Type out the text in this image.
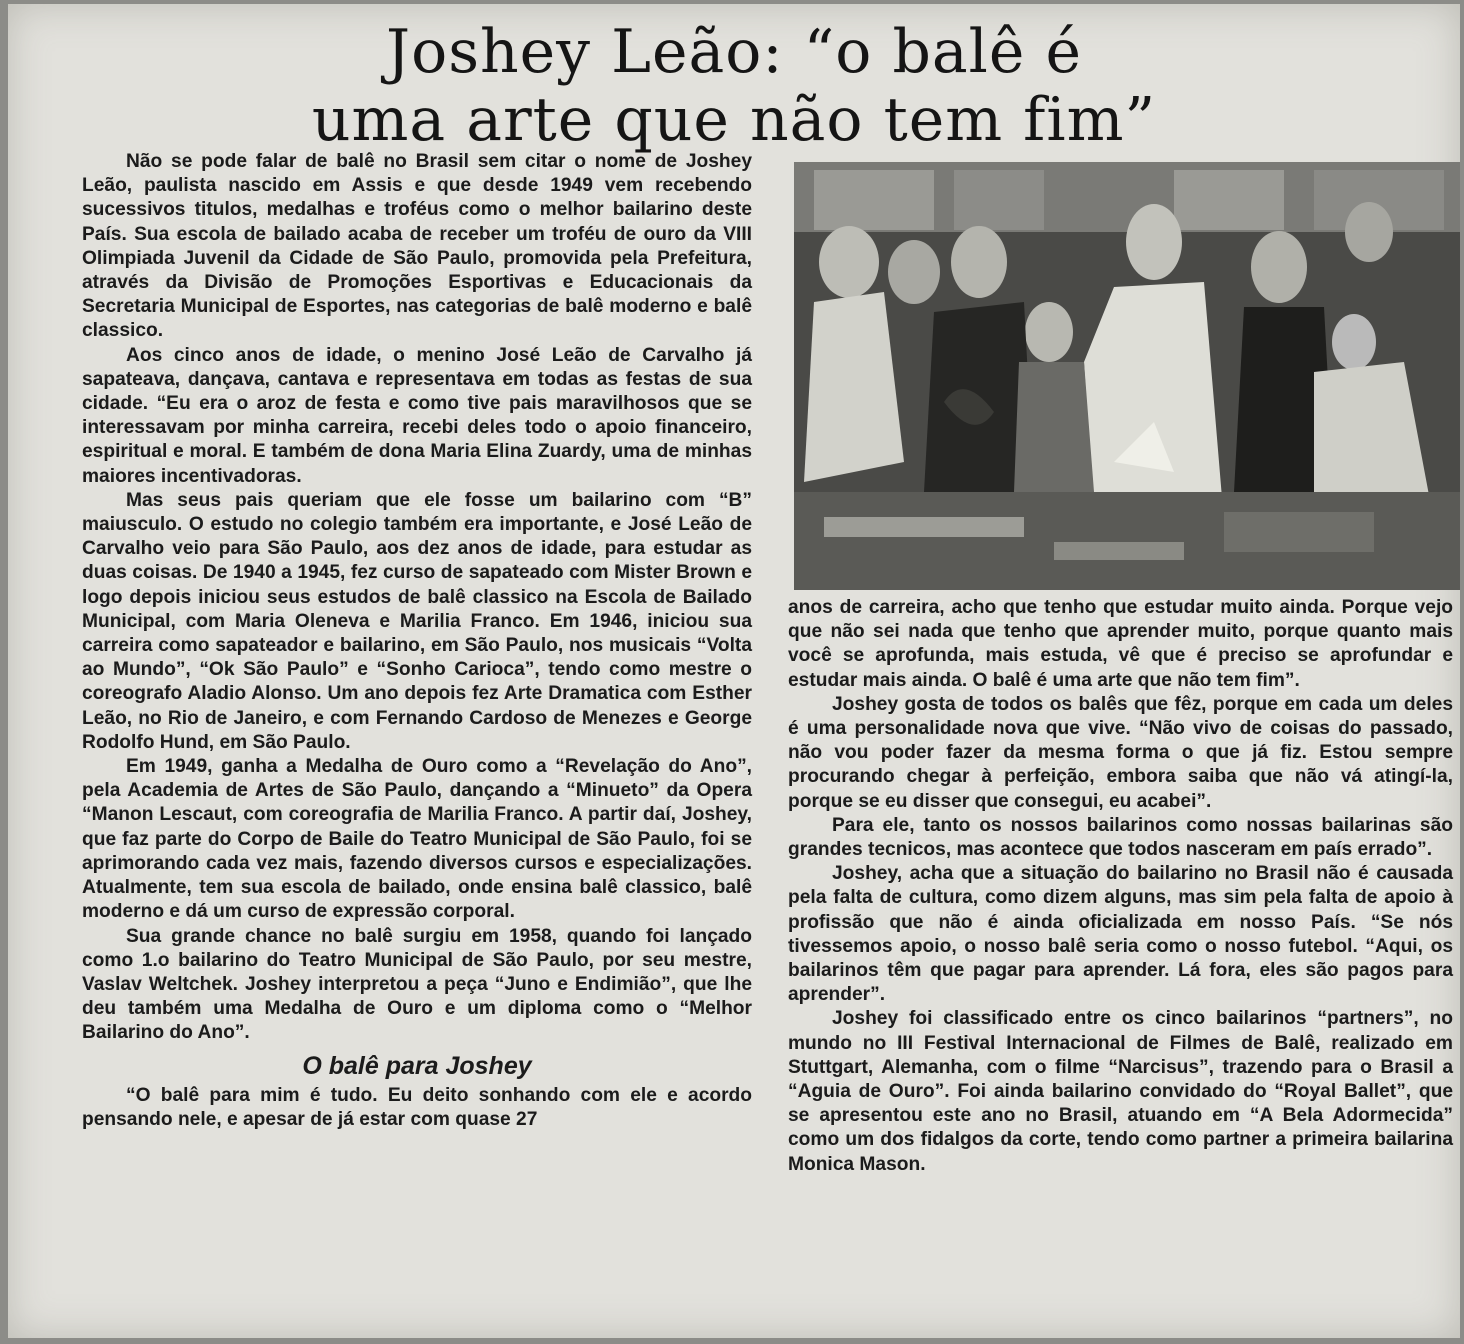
Joshey Leão: “o balê é
uma arte que não tem fim”

Não se pode falar de balê no Brasil sem citar o nome de Joshey Leão, paulista nascido em Assis e que desde 1949 vem recebendo sucessivos titulos, medalhas e troféus como o melhor bailarino deste País. Sua escola de bailado acaba de receber um troféu de ouro da VIII Olimpiada Juvenil da Cidade de São Paulo, promovida pela Prefeitura, através da Divisão de Promoções Esportivas e Educacionais da Secretaria Municipal de Esportes, nas categorias de balê moderno e balê classico.

Aos cinco anos de idade, o menino José Leão de Carvalho já sapateava, dançava, cantava e representava em todas as festas de sua cidade. “Eu era o aroz de festa e como tive pais maravilhosos que se interessavam por minha carreira, recebi deles todo o apoio financeiro, espiritual e moral. E também de dona Maria Elina Zuardy, uma de minhas maiores incentivadoras.

Mas seus pais queriam que ele fosse um bailarino com “B” maiusculo. O estudo no colegio também era importante, e José Leão de Carvalho veio para São Paulo, aos dez anos de idade, para estudar as duas coisas. De 1940 a 1945, fez curso de sapateado com Mister Brown e logo depois iniciou seus estudos de balê classico na Escola de Bailado Municipal, com Maria Oleneva e Marilia Franco. Em 1946, iniciou sua carreira como sapateador e bailarino, em São Paulo, nos musicais “Volta ao Mundo”, “Ok São Paulo” e “Sonho Carioca”, tendo como mestre o coreografo Aladio Alonso. Um ano depois fez Arte Dramatica com Esther Leão, no Rio de Janeiro, e com Fernando Cardoso de Menezes e George Rodolfo Hund, em São Paulo.

Em 1949, ganha a Medalha de Ouro como a “Revelação do Ano”, pela Academia de Artes de São Paulo, dançando a “Minueto” da Opera “Manon Lescaut, com coreografia de Marilia Franco. A partir daí, Joshey, que faz parte do Corpo de Baile do Teatro Municipal de São Paulo, foi se aprimorando cada vez mais, fazendo diversos cursos e especializações. Atualmente, tem sua escola de bailado, onde ensina balê classico, balê moderno e dá um curso de expressão corporal.

Sua grande chance no balê surgiu em 1958, quando foi lançado como 1.o bailarino do Teatro Municipal de São Paulo, por seu mestre, Vaslav Weltchek. Joshey interpretou a peça “Juno e Endimião”, que lhe deu também uma Medalha de Ouro e um diploma como o “Melhor Bailarino do Ano”.

O balê para Joshey

“O balê para mim é tudo. Eu deito sonhando com ele e acordo pensando nele, e apesar de já estar com quase 27

anos de carreira, acho que tenho que estudar muito ainda. Porque vejo que não sei nada que tenho que aprender muito, porque quanto mais você se aprofunda, mais estuda, vê que é preciso se aprofundar e estudar mais ainda. O balê é uma arte que não tem fim”.

Joshey gosta de todos os balês que fêz, porque em cada um deles é uma personalidade nova que vive. “Não vivo de coisas do passado, não vou poder fazer da mesma forma o que já fiz. Estou sempre procurando chegar à perfeição, embora saiba que não vá atingí-la, porque se eu disser que consegui, eu acabei”.

Para ele, tanto os nossos bailarinos como nossas bailarinas são grandes tecnicos, mas acontece que todos nasceram em país errado”.

Joshey, acha que a situação do bailarino no Brasil não é causada pela falta de cultura, como dizem alguns, mas sim pela falta de apoio à profissão que não é ainda oficializada em nosso País. “Se nós tivessemos apoio, o nosso balê seria como o nosso futebol. “Aqui, os bailarinos têm que pagar para aprender. Lá fora, eles são pagos para aprender”.

Joshey foi classificado entre os cinco bailarinos “partners”, no mundo no III Festival Internacional de Filmes de Balê, realizado em Stuttgart, Alemanha, com o filme “Narcisus”, trazendo para o Brasil a “Aguia de Ouro”. Foi ainda bailarino convidado do “Royal Ballet”, que se apresentou este ano no Brasil, atuando em “A Bela Adormecida” como um dos fidalgos da corte, tendo como partner a primeira bailarina Monica Mason.
